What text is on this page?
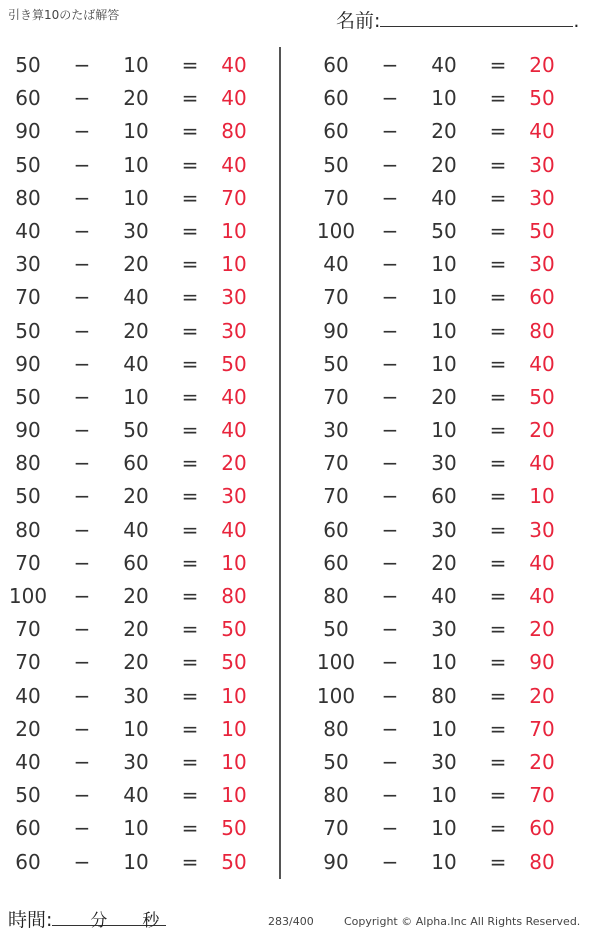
引き算10のたば解答	名前:	.
50	−	10	=	40
60	−	20	=	40
90	−	10	=	80
50	−	10	=	40
80	−	10	=	70
40	−	30	=	10
30	−	20	=	10
70	−	40	=	30
50	−	20	=	30
90	−	40	=	50
50	−	10	=	40
90	−	50	=	40
80	−	60	=	20
50	−	20	=	30
80	−	40	=	40
70	−	60	=	10
100 −	20	=	80
70	−	20	=	50
70	−	20	=	50
40	−	30	=	10
20	−	10	=	10
40	−	30	=	10
50	−	40	=	10
60	−	10	=	50
60	−	10	=	50
60	−	40	=	20
60	−	10	=	50
60	−	20	=	40
50	−	20	=	30
70	−	40	=	30
100 −	50	=	50
40	−	10	=	30
70	−	10	=	60
90	−	10	=	80
50	−	10	=	40
70	−	20	=	50
30	−	10	=	20
70	−	30	=	40
70	−	60	=	10
60	−	30	=	30
60	−	20	=	40
80	−	40	=	40
50	−	30	=	20
100 −	10	=	90
100 −	80	=	20
80	−	10	=	70
50	−	30	=	20
80	−	10	=	70
70	−	10	=	60
90	−	10	=	80
時間: 分 秒	283/400	Copyright © Alpha.Inc All Rights Reserved.
